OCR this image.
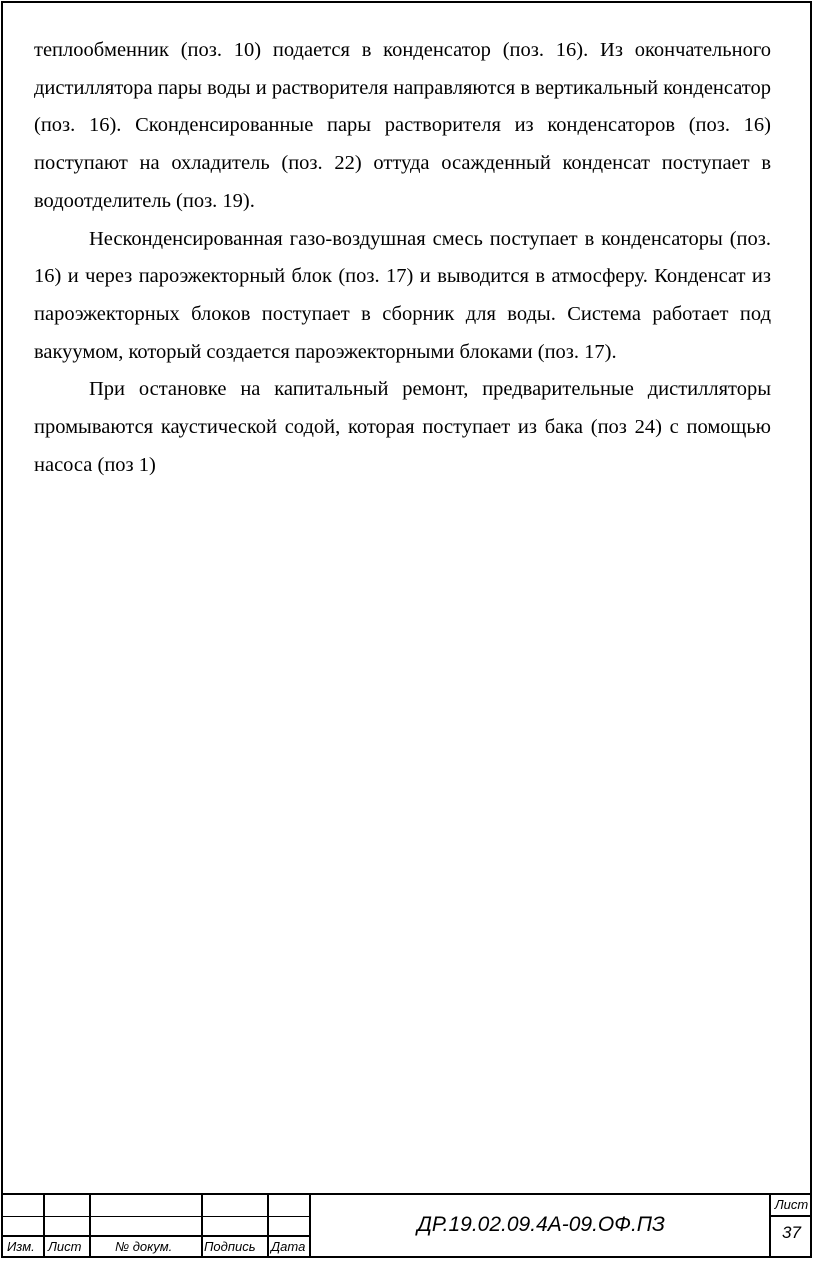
теплообменник (поз. 10) подается в конденсатор (поз. 16). Из окончательного дистиллятора пары воды и растворителя направляются в вертикальный конденсатор (поз. 16). Сконденсированные пары растворителя из конденсаторов (поз. 16) поступают на охладитель (поз. 22) оттуда осажденный конденсат поступает в водоотделитель (поз. 19).

Несконденсированная газо-воздушная смесь поступает в конденсаторы (поз. 16) и через пароэжекторный блок (поз. 17) и выводится в атмосферу. Конденсат из пароэжекторных блоков поступает в сборник для воды. Система работает под вакуумом, который создается пароэжекторными блоками (поз. 17).

При остановке на капитальный ремонт, предварительные дистилляторы промываются каустической содой, которая поступает из бака (поз 24) с помощью насоса (поз 1)

Изм. Лист	№ докум. Подпись Дата
ДР.19.02.09.4А-09.ОФ.ПЗ
Лист
37
